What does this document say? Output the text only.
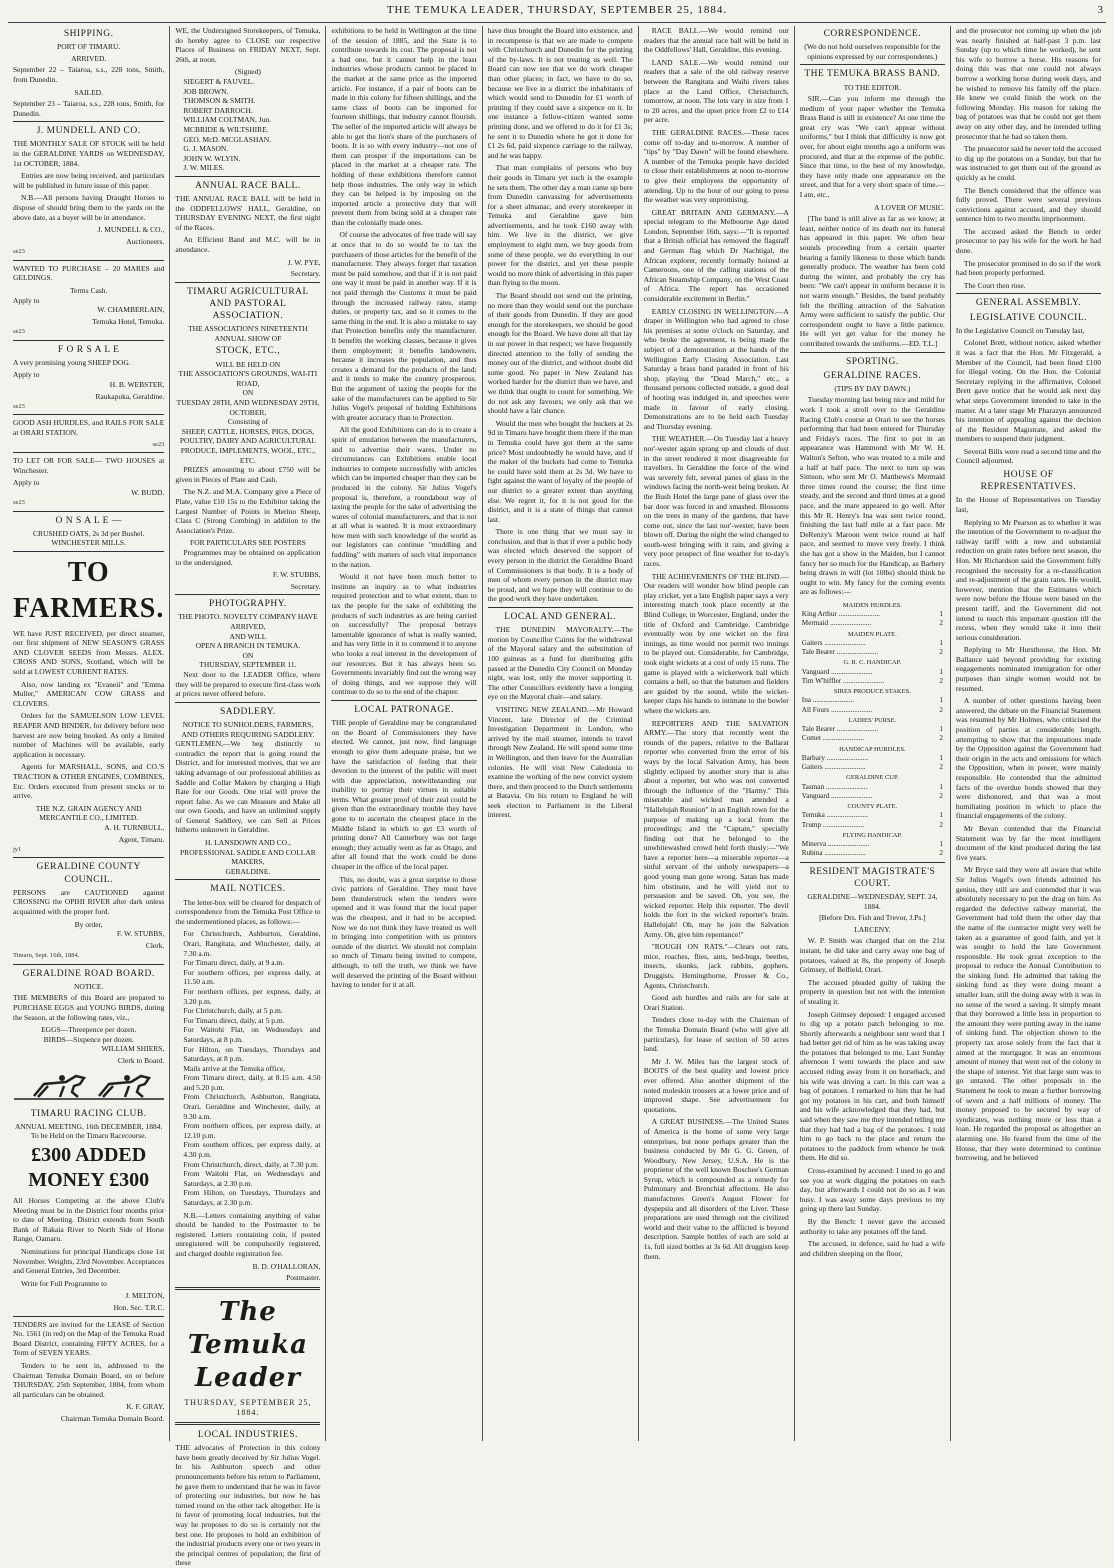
THE TEMUKA LEADER, THURSDAY, SEPTEMBER 25, 1884.	3
SHIPPING.
PORT OF TIMARU.
ARRIVED.

September 22 – Taiaroa, s.s., 228 tons, Smith, from Dunedin.

SAILED.

September 23 – Taiaroa, s.s., 228 tons, Smith, for Dunedin.

J. MUNDELL AND CO.

THE MONTHLY SALE OF STOCK will be held in the GERALDINE YARDS on WEDNESDAY, 1st OCTOBER, 1884.

Entries are now being received, and particulars will be published in future issue of this paper.

N.B.—All persons having Draught Horses to dispose of should bring them to the yards on the above date, as a buyer will be in attendance.

J. MUNDELL & CO.,
Auctioneers.
se23

WANTED TO PURCHASE – 20 MARES and GELDINGS.

Terms Cash.
Apply to
W. CHAMBERLAIN,
Temuka Hotel, Temuka.
se23
F O R S A L E

A very promising young SHEEP DOG.

Apply to
H. B. WEBSTER,
Raukapuka, Geraldine.
se23

GOOD ASH HURDLES, and RAILS FOR SALE at ORARI STATION.

se23

TO LET OR FOR SALE— TWO HOUSES at Winchester.

Apply to
W. BUDD.
se23
O N S A L E —
CRUSHED OATS, 2s 3d per Bushel.
WINCHESTER MILLS.
TO FARMERS.

WE have JUST RECEIVED, per direct steamer, our first shipment of NEW SEASON'S GRASS AND CLOVER SEEDS from Messrs. ALEX. CROSS AND SONS, Scotland, which will be sold at LOWEST CURRENT RATES.

Also, now landing ex "Evaneii" and "Emma Muller," AMERICAN COW GRASS and CLOVERS.

Orders for the SAMUELSON LOW LEVEL REAPER AND BINDER, for delivery before next harvest are now being booked. As only a limited number of Machines will be available, early application is necessary.

Agents for MARSHALL, SONS, and CO.'S TRACTION & OTHER ENGINES, COMBINES, Etc. Orders executed from present stocks or to arrive.

THE N.Z. GRAIN AGENCY AND MERCANTILE CO., LIMITED.
A. H. TURNBULL,
Agent, Timaru.
jy1
GERALDINE COUNTY COUNCIL.

PERSONS are CAUTIONED against CROSSING the OPIHI RIVER after dark unless acquainted with the proper ford.

By order,
F. W. STUBBS,
Clerk.
Timaru, Sept. 16th, 1884.
GERALDINE ROAD BOARD.
NOTICE.

THE MEMBERS of this Board are prepared to PURCHASE EGGS and YOUNG BIRDS, during the Season, at the following rates, viz.,

EGGS—Threepence per dozen.
BIRDS—Sixpence per dozen.
WILLIAM SHIERS,
Clerk to Board.
TIMARU RACING CLUB.
ANNUAL MEETING, 16th DECEMBER, 1884.
To be Held on the Timaru Racecourse.
£300 ADDED MONEY £300

All Horses Competing at the above Club's Meeting must be in the District four months prior to date of Meeting. District extends from South Bank of Rakaia River to North Side of Horse Range, Oamaru.

Nominations for principal Handicaps close 1st November. Weights, 23rd November. Acceptances and General Entries, 3rd December.

Write for Full Programme to

J. MELTON,
Hon. Sec. T.R.C.

TENDERS are invited for the LEASE of Section No. 1561 (in red) on the Map of the Temuka Road Board District, containing FIFTY ACRES, for a Term of SEVEN YEARS.

Tenders to be sent in, addressed to the Chairman Temuka Domain Board, on or before THURSDAY, 25th September, 1884, from whom all particulars can be obtained.

K. F. GRAY,
Chairman Temuka Domain Board.

WE, the Undersigned Storekeepers, of Temuka, do hereby agree to CLOSE our respective Places of Business on FRIDAY NEXT, Sept. 26th, at noon.

(Signed)
SIEGERT & FAUVEL.
JOB BROWN.
THOMSON & SMITH.
ROBERT DARROCH.
WILLIAM COLTMAN, Jun.
MCBRIDE & WILTSHIRE.
GEO. McD. MCGLASHAN.
G. J. MASON.
JOHN W. WLYIN.
J. W. MILES.
ANNUAL RACE BALL.

THE ANNUAL RACE BALL will be held in the ODDFELLOWS' HALL, Geraldine, on THURSDAY EVENING NEXT, the first night of the Races.

An Efficient Band and M.C. will be in attendance.

J. W. PYE,
Secretary.
TIMARU AGRICULTURAL AND PASTORAL ASSOCIATION.
THE ASSOCIATION'S NINETEENTH ANNUAL SHOW OF
STOCK, ETC.,
WILL BE HELD ON
THE ASSOCIATION'S GROUNDS, WAI-ITI ROAD,
ON
TUESDAY 28TH, AND WEDNESDAY 29TH, OCTOBER,
Consisting of
SHEEP, CATTLE, HORSES, PIGS, DOGS, POULTRY, DAIRY AND AGRICULTURAL PRODUCE, IMPLEMENTS, WOOL, ETC., ETC.

PRIZES amounting to about £750 will be given in Pieces of Plate and Cash.

The N.Z. and M.A. Company give a Piece of Plate, value £10 15s to the Exhibitor taking the Largest Number of Points in Merino Sheep, Class C (Strong Combing) in addition to the Association's Prize.

FOR PARTICULARS SEE POSTERS

Programmes may be obtained on application to the undersigned.

F. W. STUBBS,
Secretary.
PHOTOGRAPHY.
THE PHOTO. NOVELTY COMPANY HAVE ARRIVED,
AND WILL
OPEN A BRANCH IN TEMUKA.
ON
THURSDAY, SEPTEMBER 11.

Next door to the LEADER Office, where they will be prepared to execute first-class work at prices never offered before.

SADDLERY.
NOTICE TO SUNHOLDERS, FARMERS, AND OTHERS REQUIRING SADDLERY.

GENTLEMEN,—We beg distinctly to contradict the report that is going round the District, and for interested motives, that we are taking advantage of our professional abilities as Saddle and Collar Makers by charging a High Rate for our Goods. One trial will prove the report false. As we can Measure and Make all our own Goods, and have an unlimited supply of General Saddlery, we can Sell at Prices hitherto unknown in Geraldine.

H. LANSDOWN AND CO.,
PROFESSIONAL SADDLE AND COLLAR MAKERS,
GERALDINE.
MAIL NOTICES.

The letter-box will be cleared for despatch of correspondence from the Temuka Post Office to the undermentioned places, as follows:—

For Christchurch, Ashburton, Geraldine, Orari, Rangitata, and Winchester, daily, at 7.30 a.m.
For Timaru direct, daily, at 9 a.m.
For southern offices, per express daily, at 11.50 a.m.
For northern offices, per express, daily, at 3.20 p.m.
For Christchurch, daily, at 5 p.m.
For Timaru direct, daily, at 5 p.m.
For Waitohi Flat, on Wednesdays and Saturdays, at 8 p.m.
For Hilton, on Tuesdays, Thursdays and Saturdays, at 8 p.m.
Mails arrive at the Temuka office,
From Timaru direct, daily, at 8.15 a.m. 4.50 and 5.20 p.m.
From Christchurch, Ashburton, Rangitata, Orari, Geraldine and Winchester, daily, at 9.30 a.m.
From northern offices, per express daily, at 12.10 p.m.
From southern offices, per express daily, at 4.30 p.m.
From Christchurch, direct, daily, at 7.30 p.m.
From Waitohi Flat, on Wednesdays and Saturdays, at 2.30 p.m.
From Hilton, on Tuesdays, Thursdays and Saturdays, at 2.30 p.m.

N.B.—Letters containing anything of value should be handed to the Postmaster to be registered. Letters containing coin, if posted unregistered will be compulsorily registered, and charged double registration fee.

B. D. O'HALLORAN,
Postmaster.
The Temuka Leader
THURSDAY, SEPTEMBER 25, 1884.
LOCAL INDUSTRIES.

THE advocates of Protection in this colony have been greatly deceived by Sir Julius Vogel. In his Ashburton speech and other pronouncements before his return to Parliament, he gave them to understand that he was in favor of protecting our industries, but now he has turned round on the other tack altogether. He is in favor of promoting local industries, but the way he proposes to do so is certainly not the best one. He proposes to hold an exhibition of the industrial products every one or two years in the principal centres of population; the first of these

exhibitions to be held in Wellington at the time of the session of 1885, and the State is to contribute towards its cost. The proposal is not a bad one, but it cannot help in the least industries whose products cannot be placed in the market at the same price as the imported article. For instance, if a pair of boots can be made in this colony for fifteen shillings, and the same class of boots can be imported for fourteen shillings, that industry cannot flourish. The seller of the imported article will always be able to get the lion's share of the purchasers of boots. It is so with every industry—not one of them can prosper if the importations can be placed in the market at a cheaper rate. The holding of these exhibitions therefore cannot help those industries. The only way in which they can be helped is by imposing on the imported article a protective duty that will prevent them from being sold at a cheaper rate than the colonially made ones.

Of course the advocates of free trade will say at once that to do so would be to tax the purchasers of those articles for the benefit of the manufacturer. They always forget that taxation must be paid somehow, and that if it is not paid one way it must be paid in another way. If it is not paid through the Customs it must be paid through the increased railway rates, stamp duties, or property tax, and so it comes to the same thing in the end. It is also a mistake to say that Protection benefits only the manufacturer. It benefits the working classes, because it gives them employment; it benefits landowners, because it increases the population, and thus creates a demand for the products of the land; and it tends to make the country prosperous. But the argument of taxing the people for the sake of the manufacturers can be applied to Sir Julius Vogel's proposal of holding Exhibitions with greater accuracy than to Protection.

All the good Exhibitions can do is to create a spirit of emulation between the manufacturers, and to advertise their wares. Under no circumstances can Exhibitions enable local industries to compete successfully with articles which can be imported cheaper than they can be produced in the colony. Sir Julius Vogel's proposal is, therefore, a roundabout way of taxing the people for the sake of advertising the wares of colonial manufacturers, and that is not at all what is wanted. It is most extraordinary how men with such knowledge of the world as our legislators can continue "muddling and fuddling" with matters of such vital importance to the nation.

Would it not have been much better to institute an inquiry as to what industries required protection and to what extent, than to tax the people for the sake of exhibiting the products of such industries as are being carried on successfully? The proposal betrays lamentable ignorance of what is really wanted, and has very little in it to commend it to anyone who looks a real interest in the development of our resources. But it has always been so. Governments invariably find out the wrong way of doing things, and we suppose they will continue to do so to the end of the chapter.

LOCAL PATRONAGE.

THE people of Geraldine may be congratulated on the Board of Commissioners they have elected. We cannot, just now, find language enough to give them adequate praise, but we have the satisfaction of feeling that their devotion to the interest of the public will meet with due appreciation, notwithstanding our inability to portray their virtues in suitable terms. What greater proof of their zeal could be given than the extraordinary trouble they have gone to to ascertain the cheapest place in the Middle Island in which to get £3 worth of printing done? All Canterbury was not large enough; they actually went as far as Otago, and after all found that the work could be done cheaper in the office of the local paper.

This, no doubt, was a great surprise to those civic patriots of Geraldine. They must have been thunderstruck when the tenders were opened and it was found that the local paper was the cheapest, and it had to be accepted. Now we do not think they have treated us well in bringing into competition with us printers outside of the district. We should not complain so much of Timaru being invited to compete, although, to tell the truth, we think we have well deserved the printing of the Board without having to tender for it at all.

have thus brought the Board into existence, and in recompense is that we are made to compete with Christchurch and Dunedin for the printing of the by-laws. It is not treating us well. The Board can now see that we do work cheaper than other places; in fact, we have to do so, because we live in a district the inhabitants of which would send to Dunedin for £1 worth of printing if they could save a sixpence on it. In one instance a fellow-citizen wanted some printing done, and we offered to do it for £1 3s; he sent it to Dunedin where he got it done for £1 2s 6d, paid sixpence carriage to the railway, and he was happy.

That man complains of persons who buy their goods in Timaru yet such is the example he sets them. The other day a man came up here from Dunedin canvassing for advertisements for a sheet almanac, and every storekeeper in Temuka and Geraldine gave him advertisements, and he took £160 away with him. We live in the district, we give employment to eight men, we buy goods from some of these people, we do everything in our power for the district, and yet these people would no more think of advertising in this paper than flying to the moon.

The Board should not send out the printing, no more than they would send out the purchase of their goods from Dunedin. If they are good enough for the storekeepers, we should be good enough for the Board. We have done all that lay in our power in that respect; we have frequently directed attention to the folly of sending the money out of the district, and without doubt did some good. No paper in New Zealand has worked harder for the district than we have, and we think that ought to count for something. We do not ask any favours; we only ask that we should have a fair chance.

Would the men who bought the buckets at 2s 9d in Timaru have bought them there if the man in Temuka could have got them at the same price? Most undoubtedly he would have, and if the maker of the buckets had come to Temuka he could have sold them at 2s 3d. We have to fight against the want of loyalty of the people of our district to a greater extent than anything else. We regret it, for it is not good for the district, and it is a state of things that cannot last.

There is one thing that we must say in conclusion, and that is that if ever a public body was elected which deserved the support of every person in the district the Geraldine Board of Commissioners is that body. It is a body of men of whom every person in the district may be proud, and we hope they will continue to do the good work they have undertaken.

LOCAL AND GENERAL.

THE DUNEDIN MAYORALTY.—The motion by Councillor Cairns for the withdrawal of the Mayoral salary and the substitution of 100 guineas as a fund for distributing gifts passed at the Dunedin City Council on Monday night, was lost, only the mover supporting it. The other Councillors evidently have a longing eye on the Mayoral chair—and salary.

VISITING NEW ZEALAND.—Mr Howard Vincent, late Director of the Criminal Investigation Department in London, who arrived by the mail steamer, intends to travel through New Zealand. He will spend some time in Wellington, and then leave for the Australian colonies. He will visit New Caledonia to examine the working of the new convict system there, and then proceed to the Dutch settlements at Batavia. On his return to England he will seek election to Parliament in the Liberal interest.

RACE BALL.—We would remind our readers that the annual race ball will be held in the Oddfellows' Hall, Geraldine, this evening.

LAND SALE.—We would remind our readers that a sale of the old railway reserve between the Rangitata and Waihi rivers takes place at the Land Office, Christchurch, tomorrow, at noon. The lots vary in size from 1 to 20 acres, and the upset price from £2 to £14 per acre.

THE GERALDINE RACES.—These races come off to-day and to-morrow. A number of "tips" by "Day Dawn" will be found elsewhere. A number of the Temuka people have decided to close their establishments at noon to-morrow to give their employees the opportunity of attending. Up to the hour of our going to press the weather was very unpromising.

GREAT BRITAIN AND GERMANY.—A special telegram to the Melbourne Age dated London, September 16th, says:—"It is reported that a British official has removed the flagstaff and German flag which Dr Nachtigal, the African explorer, recently formally hoisted at Cameroons, one of the calling stations of the African Steamship Company, on the West Coast of Africa. The report has occasioned considerable excitement in Berlin."

EARLY CLOSING IN WELLINGTON.—A draper in Wellington who had agreed to close his premises at some o'clock on Saturday, and who broke the agreement, is being made the subject of a demonstration at the hands of the Wellington Early Closing Association. Last Saturday a brass band paraded in front of his shop, playing the "Dead March," etc., a thousand persons collected outside, a good deal of hooting was indulged in, and speeches were made in favour of early closing. Demonstrations are to be held each Tuesday and Thursday evening.

THE WEATHER.—On Tuesday last a heavy nor'-wester again sprang up and clouds of dust in the street rendered it most disagreeable for travellers. In Geraldine the force of the wind was severely felt, several panes of glass in the windows facing the north-west being broken. At the Bush Hotel the large pane of glass over the bar door was forced in and smashed. Blossoms on the trees in many of the gardens, that have come out, since the last nor'-wester, have been blown off. During the night the wind changed to south-west bringing with it rain, and giving a very poor prospect of fine weather for to-day's races.

THE ACHIEVEMENTS OF THE BLIND.—Our readers will wonder how blind people can play cricket, yet a late English paper says a very interesting match took place recently at the Blind College, in Worcester, England, under the title of Oxford and Cambridge. Cambridge eventually won by one wicket on the first innings, as time would not permit two innings to be played out. Considerable, for Cambridge, took eight wickets at a cost of only 15 runs. The game is played with a wickerwork ball which contains a bell, so that the batsmen and fielders are guided by the sound, while the wicket-keeper claps his hands to intimate to the bowler where the wickets are.

REPORTERS AND THE SALVATION ARMY.—The story that recently went the rounds of the papers, relative to the Ballarat reporter who converted from the error of his ways by the local Salvation Army, has been slightly eclipsed by another story that is also about a reporter, but who was not converted through the influence of the "Harmy." This miserable and wicked man attended a "Hallelujah Reunion" in an English town for the purpose of making up a local from the proceedings; and the "Captain," specially finding out that he belonged to the unwhitewashed crowd held forth thusly:—"We have a reporter here—a miserable reporter—a sinful servant of the unholy newspapers—a good young man gone wrong. Satan has made him obstinate, and he will yield not to persuasion and be saved. Oh, you see, the wicked reporter. Help this reporter. The devil holds the fort in the wicked reporter's brain. Hallelujah! Oh, may he join the Salvation Army. Oh, give him repentance!"

"ROUGH ON RATS."—Clears out rats, mice, roaches, flies, ants, bed-bugs, beetles, insects, skunks, jack rabbits, gophers. Druggists. Hemingthorne, Prosser & Co., Agents, Christchurch.

Good ash hurdles and rails are for sale at Orari Station.

Tenders close to-day with the Chairman of the Temuka Domain Board (who will give all particulars), for lease of section of 50 acres land.

Mr J. W. Miles has the largest stock of BOOTS of the best quality and lowest price ever offered. Also another shipment of the noted moleskin trousers at a lower price and of improved shape. See advertisement for quotations.

A GREAT BUSINESS.—The United States of America is the home of some very large enterprises, but none perhaps greater than the business conducted by Mr G. G. Green, of Woodbury, New Jersey, U.S.A. He is the proprietor of the well known Boschee's German Syrup, which is compounded as a remedy for Pulmonary and Bronchial affections. He also manufactures Green's August Flower for dyspepsia and all disorders of the Liver. These preparations are used through out the civilized world and their value to the afflicted is beyond description. Sample bottles of each are sold at 1s, full sized bottles at 3s 6d. All druggists keep them.

CORRESPONDENCE.
(We do not hold ourselves responsible for the opinions expressed by our correspondents.)
THE TEMUKA BRASS BAND.
TO THE EDITOR.

SIR,—Can you inform me through the medium of your paper whether the Temuka Brass Band is still in existence? At one time the great cry was "We can't appear without uniforms," but I think that difficulty is now got over, for about eight months ago a uniform was procured, and that at the expense of the public. Since that time, to the best of my knowledge, they have only made one appearance on the street, and that for a very short space of time.—I am, etc.,

A LOVER OF MUSIC.

[The band is still alive as far as we know; at least, neither notice of its death nor its funeral has appeared in this paper. We often hear sounds proceeding from a certain quarter bearing a family likeness to those which bands generally produce. The weather has been cold during the winter, and probably the cry has been: "We can't appear in uniform because it is not warm enough." Besides, the band probably felt the thrilling attraction of the Salvation Army were sufficient to satisfy the public. Our correspondent ought to have a little patience. He will yet get value for the money he contributed towards the uniforms.—ED. T.L.]

SPORTING.
GERALDINE RACES.
(TIPS BY DAY DAWN.)

Tuesday morning last being nice and mild for work I took a stroll over to the Geraldine Racing Club's course at Orari to see the horses performing that had been entered for Thursday and Friday's races. The first to put in an appearance was Hammond with Mr W. H. Walton's Sefton, who was treated to a mile and a half at half pace. The next to turn up was Simson, who sent Mr O. Matthews's Mermaid three times round the course; the first time steady, and the second and third times at a good pace, and the mare appeared to go well. After this Mr R. Henry's Ina was sent twice round, finishing the last half mile at a fast pace. Mr DeRenzy's Maroon went twice round at half pace, and seemed to move very freely. I think she has got a show in the Maiden, but I cannot fancy her so much for the Handicap, as Barbery being drawn in will (lot 10lbs) should think he ought to win. My fancy for the coming events are as follows:—

MAIDEN HURDLES.	
King Arthur .......................	1
Mermaid .......................	2
MAIDEN PLATE.	
Gaiters .......................	1
Tale Bearer .......................	2
G. R. C. HANDICAP.	
Vanguard .......................	1
Tim W'hiffler .......................	2
SIRES PRODUCE STAKES.	
Ina .......................	1
All Fours .......................	2
LADIES' PURSE.	
Tale Bearer .......................	1
Comet .......................	2
HANDICAP HURDLES.	
Barbary .......................	1
Gaiters .......................	2
GERALDINE CUP.	
Tasman .......................	1
Vanguard .......................	2
COUNTY PLATE.	
Temuka .......................	1
Trump .......................	2
FLYING HANDICAP.	
Minerva .......................	1
Rubina .......................	2
RESIDENT MAGISTRATE'S COURT.
GERALDINE—WEDNESDAY, SEPT. 24, 1884.
[Before Drs. Fish and Trevor, J.Ps.]
LARCENY.

W. P. Smith was charged that on the 21st instant, he did take and carry away one bag of potatoes, valued at 8s, the property of Joseph Grimsey, of Belfield, Orari.

The accused pleaded guilty of taking the property in question but not with the intention of stealing it.

Joseph Grimsey deposed: I engaged accused to dig up a potato patch belonging to me. Shortly afterwards a neighbour sent word that I had better get rid of him as he was taking away the potatoes that belonged to me. Last Sunday afternoon I went towards the place and saw accused riding away from it on horseback, and his wife was driving a cart. In this cart was a bag of potatoes. I remarked to him that he had got my potatoes in his cart, and both himself and his wife acknowledged that they had, but said when they saw me they intended telling me that they had had a bag of the potatoes. I told him to go back to the place and return the potatoes to the paddock from whence he took them. He did so.

Cross-examined by accused: I used to go and see you at work digging the potatoes on each day, but afterwards I could not do so as I was busy. I was away some days previous to my going up there last Sunday.

By the Bench: I never gave the accused authority to take any potatoes off the land.

The accused, in defence, said he had a wife and children sleeping on the floor,

and the prosecutor not coming up when the job was nearly finished at half-past 3 p.m. last Sunday (up to which time he worked), he sent his wife to borrow a horse. His reasons for doing this was that one could not always borrow a working horse during week days, and he wished to remove his family off the place. He knew we could finish the work on the following Monday. His reason for taking the bag of potatoes was that he could not get them away on any other day, and he intended telling prosecutor that he had so taken them.

The prosecutor said he never told the accused to dig up the potatoes on a Sunday, but that he was instructed to get them out of the ground as quickly as he could.

The Bench considered that the offence was fully proved. There were several previous convictions against accused, and they should sentence him to two months imprisonment.

The accused asked the Bench to order prosecutor to pay his wife for the work he had done.

The prosecutor promised to do so if the work had been properly performed.

The Court then rose.

GENERAL ASSEMBLY.
LEGISLATIVE COUNCIL.

In the Legislative Council on Tuesday last,

Colonel Brett, without notice, asked whether it was a fact that the Hon. Mr Fitzgerald, a Member of the Council, had been fined £100 for illegal voting. On the Hon. the Colonial Secretary replying in the affirmative, Colonel Brett gave notice that he would ask next day what steps Government intended to take in the matter. At a later stage Mr Pharazyn announced his intention of appealing against the decision of the Resident Magistrate, and asked the members to suspend their judgment.

Several Bills were read a second time and the Council adjourned.

HOUSE OF REPRESENTATIVES.

In the House of Representatives on Tuesday last,

Replying to Mr Pearson as to whether it was the intention of the Government to re-adjust the railway tariff with a new and substantial reduction on grain rates before next season, the Hon. Mr Richardson said the Government fully recognised the necessity for a re-classification and re-adjustment of the grain rates. He would, however, mention that the Estimates which were now before the House were based on the present tariff, and the Government did not intend to touch this important question till the recess, when they would take it into their serious consideration.

Replying to Mr Hursthouse, the Hon. Mr Ballance said beyond providing for existing engagements nominated immigration for other purposes than single women would not be resumed.

A number of other questions having been answered, the debate on the Financial Statement was resumed by Mr Holmes, who criticised the position of parties at considerable length, attempting to show that the imputations made by the Opposition against the Government had their origin in the acts and omissions for which the Opposition, when in power, were mainly responsible. He contended that the admitted facts of the overdue bonds showed that they were dishonored, and that was a most humiliating position in which to place the financial engagements of the colony.

Mr Bevan contended that the Financial Statement was by far the most intelligent document of the kind produced during the last five years.

Mr Bryce said they were all aware that while Sir Julius Vogel's own friends admitted his genius, they still are and contended that it was absolutely necessary to put the drag on him. As regarded the defective railway material, the Government had told them the other day that the name of the contractor might very well be taken as a guarantee of good faith, and yet it was sought to hold the late Government responsible. He took great exception to the proposal to reduce the Annual Contribution to the sinking fund. He admitted that taking the sinking fund as they were doing meant a smaller loan, still the doing away with it was in no sense of the word a saving. It simply meant that they borrowed a little less in proportion to the amount they were putting away in the name of sinking fund. The objection shown to the property tax arose solely from the fact that it aimed at the mortgagor. It was an enormous amount of money that went out of the colony in the shape of interest. Yet that large sum was to go untaxed. The other proposals in the Statement he took to mean a further borrowing of seven and a half millions of money. The money proposed to be secured by way of syndicates, was nothing more or less than a loan. He regarded the proposal as altogether an alarming one. He feared from the time of the House, that they were determined to continue borrowing, and he believed
